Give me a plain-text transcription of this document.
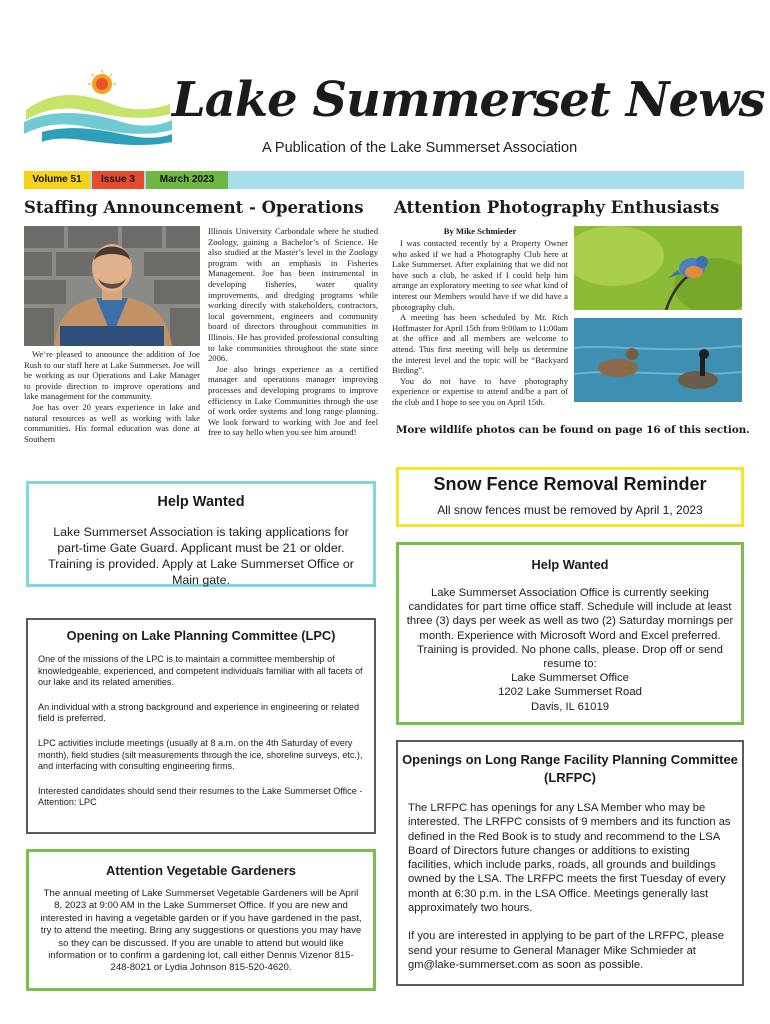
Lake Summerset News
A Publication of the Lake Summerset Association
Volume 51	Issue 3	March 2023
Staffing Announcement - Operations

We’re pleased to announce the addition of Joe Rush to our staff here at Lake Summerset. Joe will be working as our Operations and Lake Manager to provide direction to improve operations and lake management for the community.

Joe has over 20 years experience in lake and natural resources as well as working with lake communities. His formal education was done at Southern

Illinois University Carbondale where he studied Zoology, gaining a Bachelor’s of Science. He also studied at the Master’s level in the Zoology program with an emphasis in Fisheries Management. Joe has been instrumental in developing fisheries, water quality improvements, and dredging programs while working directly with stakeholders, contractors, local government, engineers and community board of directors throughout communities in Illinois. He has provided professional consulting to lake communities throughout the state since 2006.

Joe also brings experience as a certified manager and operations manager improving processes and developing programs to improve efficiency in Lake Communities through the use of work order systems and long range planning. We look forward to working with Joe and feel free to say hello when you see him around!

Attention Photography Enthusiasts
By Mike Schmieder

I was contacted recently by a Property Owner who asked if we had a Photography Club here at Lake Summerset. After explaining that we did not have such a club, he asked if I could help him arrange an exploratory meeting to see what kind of interest our Members would have if we did have a photography club.

A meeting has been scheduled by Mr. Rich Hoffmaster for April 15th from 9:00am to 11:00am at the office and all members are welcome to attend. This first meeting will help us determine the interest level and the topic will be “Backyard Birding”.

You do not have to have photography experience or expertise to attend and/be a part of the club and I hope to see you on April 15th.

More wildlife photos can be found on page 16 of this section.
Help Wanted
Lake Summerset Association is taking applications for part-time Gate Guard. Applicant must be 21 or older. Training is provided. Apply at Lake Summerset Office or Main gate.
Opening on Lake Planning Committee (LPC)

One of the missions of the LPC is to maintain a committee membership of knowledgeable, experienced, and competent individuals familiar with all facets of our lake and its related amenities.

An individual with a strong background and experience in engineering or related field is preferred.

LPC activities include meetings (usually at 8 a.m. on the 4th Saturday of every month), field studies (silt measurements through the ice, shoreline surveys, etc.), and interfacing with consulting engineering firms.

Interested candidates should send their resumes to the Lake Summerset Office - Attention: LPC

Attention Vegetable Gardeners
The annual meeting of Lake Summerset Vegetable Gardeners will be April 8, 2023 at 9:00 AM in the Lake Summerset Office. If you are new and interested in having a vegetable garden or if you have gardened in the past, try to attend the meeting. Bring any suggestions or questions you may have so they can be discussed. If you are unable to attend but would like information or to confirm a gardening lot, call either Dennis Vizenor 815-248-8021 or Lydia Johnson 815-520-4620.
Snow Fence Removal Reminder
All snow fences must be removed by April 1, 2023
Help Wanted
Lake Summerset Association Office is currently seeking candidates for part time office staff. Schedule will include at least three (3) days per week as well as two (2) Saturday mornings per month. Experience with Microsoft Word and Excel preferred. Training is provided. No phone calls, please. Drop off or send resume to:
Lake Summerset Office
1202 Lake Summerset Road
Davis, IL 61019
Openings on Long Range Facility Planning Committee (LRFPC)

The LRFPC has openings for any LSA Member who may be interested. The LRFPC consists of 9 members and its function as defined in the Red Book is to study and recommend to the LSA Board of Directors future changes or additions to existing facilities, which include parks, roads, all grounds and buildings owned by the LSA. The LRFPC meets the first Tuesday of every month at 6:30 p.m. in the LSA Office. Meetings generally last approximately two hours.

If you are interested in applying to be part of the LRFPC, please send your resume to General Manager Mike Schmieder at gm@lake-summerset.com as soon as possible.
